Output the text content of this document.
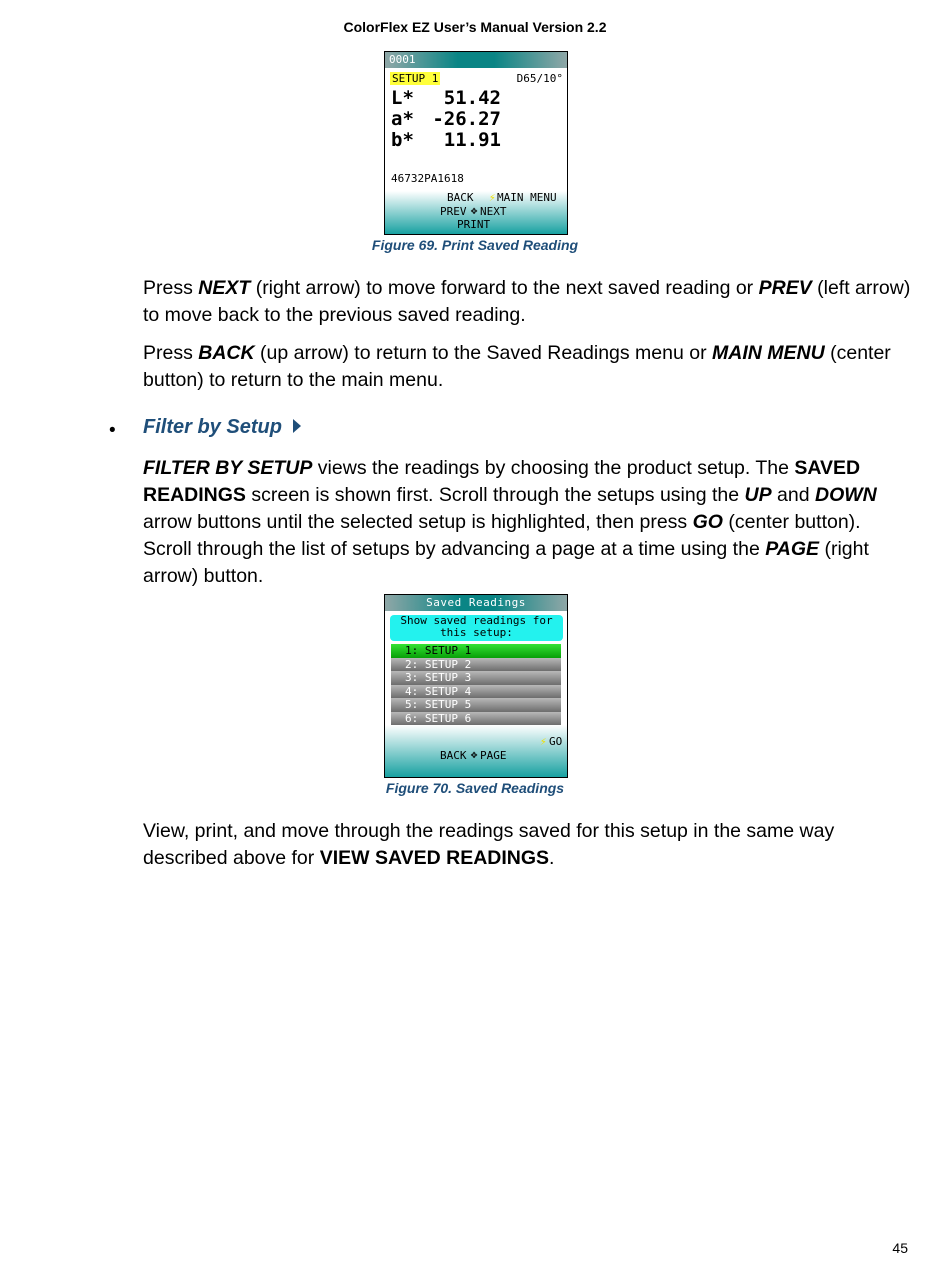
ColorFlex EZ User’s Manual Version 2.2
0001
SETUP 1	D65/10°
L* 51.42
a* -26.27
b* 11.91
46732PA1618
BACK ⚡ MAIN MENU
PREV ✥ NEXT
PRINT
Figure 69. Print Saved Reading

Press NEXT (right arrow) to move forward to the next saved reading or PREV (left arrow) to move back to the previous saved reading.

Press BACK (up arrow) to return to the Saved Readings menu or MAIN MENU (center button) to return to the main menu.

• Filter by Setup

FILTER BY SETUP views the readings by choosing the product setup. The SAVED READINGS screen is shown first. Scroll through the setups using the UP and DOWN arrow buttons until the selected setup is highlighted, then press GO (center button). Scroll through the list of setups by advancing a page at a time using the PAGE (right arrow) button.

Saved Readings
Show saved readings for
this setup:
1: SETUP 1
2: SETUP 2
3: SETUP 3
4: SETUP 4
5: SETUP 5
6: SETUP 6
⚡ GO
BACK ✥ PAGE
Figure 70. Saved Readings

View, print, and move through the readings saved for this setup in the same way described above for VIEW SAVED READINGS.

45
